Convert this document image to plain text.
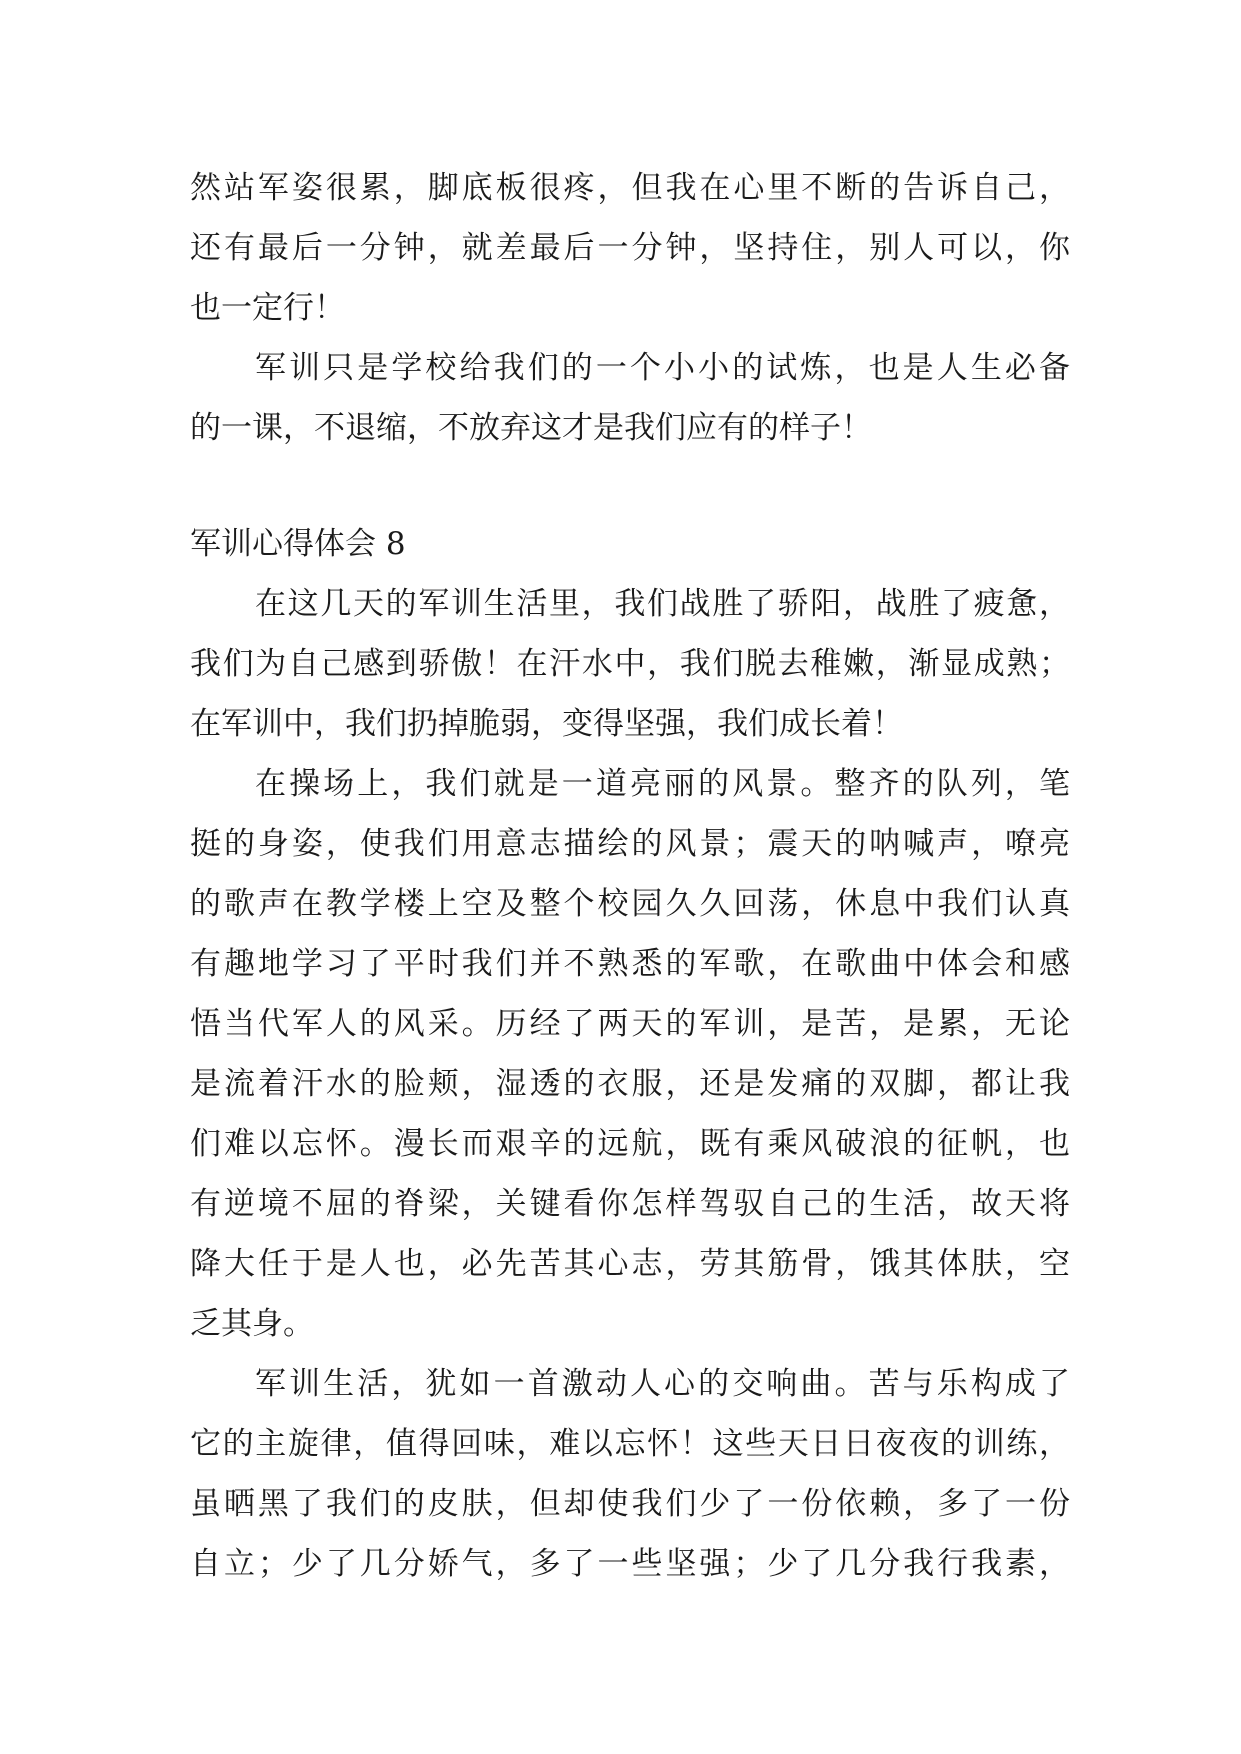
然站军姿很累，脚底板很疼，但我在心里不断的告诉自己，
还有最后一分钟，就差最后一分钟，坚持住，别人可以，你
也一定行！
军训只是学校给我们的一个小小的试炼，也是人生必备
的一课，不退缩，不放弃这才是我们应有的样子！
军训心得体会 8
在这几天的军训生活里，我们战胜了骄阳，战胜了疲惫，
我们为自己感到骄傲！在汗水中，我们脱去稚嫩，渐显成熟；
在军训中，我们扔掉脆弱，变得坚强，我们成长着！
在操场上，我们就是一道亮丽的风景。整齐的队列，笔
挺的身姿，使我们用意志描绘的风景；震天的呐喊声，嘹亮
的歌声在教学楼上空及整个校园久久回荡，休息中我们认真
有趣地学习了平时我们并不熟悉的军歌，在歌曲中体会和感
悟当代军人的风采。历经了两天的军训，是苦，是累，无论
是流着汗水的脸颊，湿透的衣服，还是发痛的双脚，都让我
们难以忘怀。漫长而艰辛的远航，既有乘风破浪的征帆，也
有逆境不屈的脊梁，关键看你怎样驾驭自己的生活，故天将
降大任于是人也，必先苦其心志，劳其筋骨，饿其体肤，空
乏其身。
军训生活，犹如一首激动人心的交响曲。苦与乐构成了
它的主旋律，值得回味，难以忘怀！这些天日日夜夜的训练，
虽晒黑了我们的皮肤，但却使我们少了一份依赖，多了一份
自立；少了几分娇气，多了一些坚强；少了几分我行我素，
